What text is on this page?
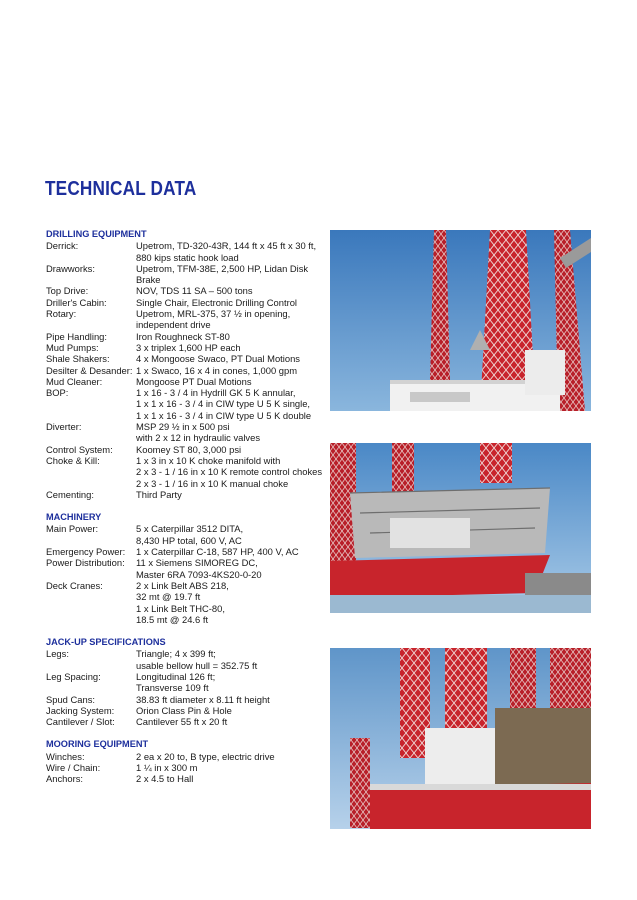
TECHNICAL DATA
DRILLING EQUIPMENT
Derrick:	Upetrom, TD-320-43R, 144 ft x 45 ft x 30 ft,
880 kips static hook load
Drawworks:	Upetrom, TFM-38E, 2,500 HP, Lidan Disk
Brake
Top Drive:	NOV, TDS 11 SA – 500 tons
Driller's Cabin:	Single Chair, Electronic Drilling Control
Rotary:	Upetrom, MRL-375, 37 ½ in opening,
independent drive
Pipe Handling:	Iron Roughneck ST-80
Mud Pumps:	3 x triplex 1,600 HP each
Shale Shakers:	4 x Mongoose Swaco, PT Dual Motions
Desilter & Desander: 1 x Swaco, 16 x 4 in cones, 1,000 gpm
Mud Cleaner:	Mongoose PT Dual Motions
BOP:	1 x 16 - 3 / 4 in Hydrill GK 5 K annular,
1 x 1 x 16 - 3 / 4 in CIW type U 5 K single,
1 x 1 x 16 - 3 / 4 in CIW type U 5 K double
Diverter:	MSP 29 ½ in x 500 psi
with 2 x 12 in hydraulic valves
Control System:	Koomey ST 80, 3,000 psi
Choke & Kill:	1 x 3 in x 10 K choke manifold with
2 x 3 - 1 / 16 in x 10 K remote control chokes
2 x 3 - 1 / 16 in x 10 K manual choke
Cementing:	Third Party
MACHINERY
Main Power:	5 x Caterpillar 3512 DITA,
8,430 HP total, 600 V, AC
Emergency Power:	1 x Caterpillar C-18, 587 HP, 400 V, AC
Power Distribution:	11 x Siemens SIMOREG DC,
Master 6RA 7093-4KS20-0-20
Deck Cranes:	2 x Link Belt ABS 218,
32 mt @ 19.7 ft
1 x Link Belt THC-80,
18.5 mt @ 24.6 ft
JACK-UP SPECIFICATIONS
Legs:	Triangle; 4 x 399 ft;
usable bellow hull = 352.75 ft
Leg Spacing:	Longitudinal 126 ft;
Transverse 109 ft
Spud Cans:	38.83 ft diameter x 8.11 ft height
Jacking System:	Orion Class Pin & Hole
Cantilever / Slot:	Cantilever 55 ft x 20 ft
MOORING EQUIPMENT
Winches:	2 ea x 20 to, B type, electric drive
Wire / Chain:	1 ¼ in x 300 m
Anchors:	2 x 4.5 to Hall
